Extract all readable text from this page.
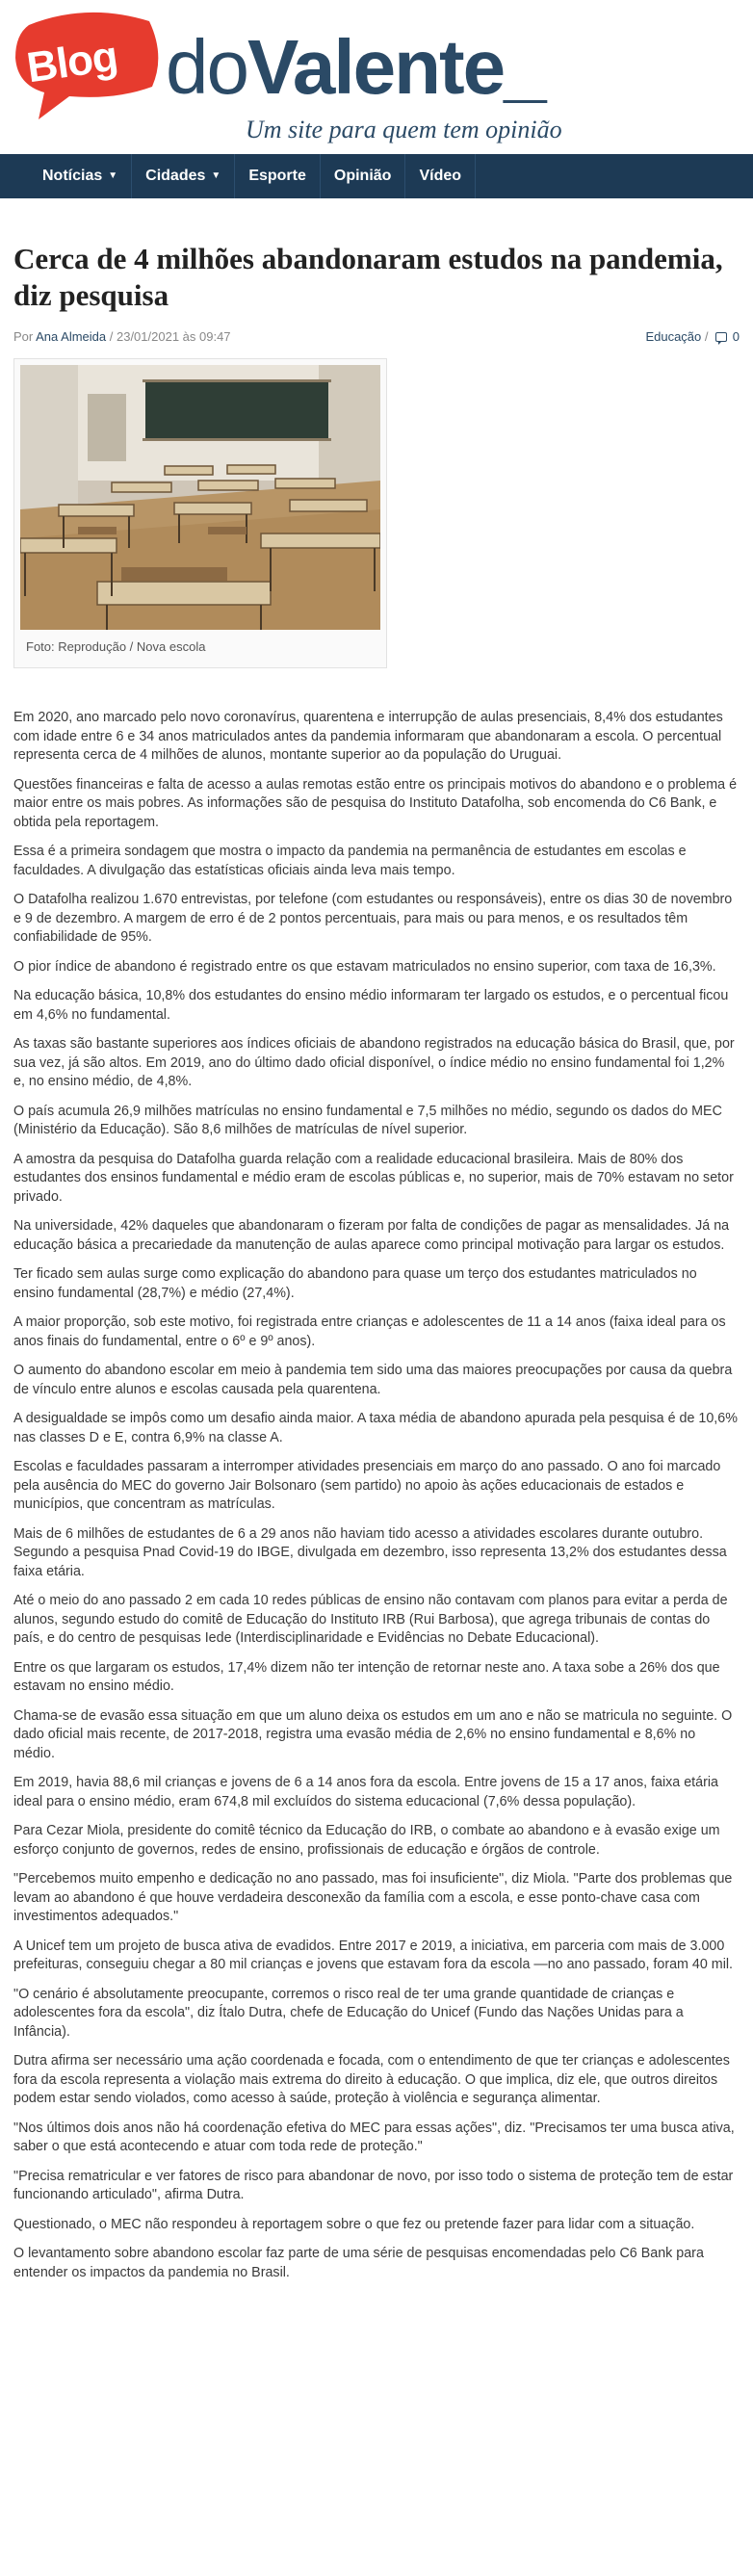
Blog doValente_
Um site para quem tem opinião
Notícias ▼	Cidades ▼	Esporte	Opinião	Vídeo
Cerca de 4 milhões abandonaram estudos na pandemia, diz pesquisa
Por Ana Almeida / 23/01/2021 às 09:47	Educação / 0
Foto: Reprodução / Nova escola

Em 2020, ano marcado pelo novo coronavírus, quarentena e interrupção de aulas presenciais, 8,4% dos estudantes com idade entre 6 e 34 anos matriculados antes da pandemia informaram que abandonaram a escola. O percentual representa cerca de 4 milhões de alunos, montante superior ao da população do Uruguai.

Questões financeiras e falta de acesso a aulas remotas estão entre os principais motivos do abandono e o problema é maior entre os mais pobres. As informações são de pesquisa do Instituto Datafolha, sob encomenda do C6 Bank, e obtida pela reportagem.

Essa é a primeira sondagem que mostra o impacto da pandemia na permanência de estudantes em escolas e faculdades. A divulgação das estatísticas oficiais ainda leva mais tempo.

O Datafolha realizou 1.670 entrevistas, por telefone (com estudantes ou responsáveis), entre os dias 30 de novembro e 9 de dezembro. A margem de erro é de 2 pontos percentuais, para mais ou para menos, e os resultados têm confiabilidade de 95%.

O pior índice de abandono é registrado entre os que estavam matriculados no ensino superior, com taxa de 16,3%.

Na educação básica, 10,8% dos estudantes do ensino médio informaram ter largado os estudos, e o percentual ficou em 4,6% no fundamental.

As taxas são bastante superiores aos índices oficiais de abandono registrados na educação básica do Brasil, que, por sua vez, já são altos. Em 2019, ano do último dado oficial disponível, o índice médio no ensino fundamental foi 1,2% e, no ensino médio, de 4,8%.

O país acumula 26,9 milhões matrículas no ensino fundamental e 7,5 milhões no médio, segundo os dados do MEC (Ministério da Educação). São 8,6 milhões de matrículas de nível superior.

A amostra da pesquisa do Datafolha guarda relação com a realidade educacional brasileira. Mais de 80% dos estudantes dos ensinos fundamental e médio eram de escolas públicas e, no superior, mais de 70% estavam no setor privado.

Na universidade, 42% daqueles que abandonaram o fizeram por falta de condições de pagar as mensalidades. Já na educação básica a precariedade da manutenção de aulas aparece como principal motivação para largar os estudos.

Ter ficado sem aulas surge como explicação do abandono para quase um terço dos estudantes matriculados no ensino fundamental (28,7%) e médio (27,4%).

A maior proporção, sob este motivo, foi registrada entre crianças e adolescentes de 11 a 14 anos (faixa ideal para os anos finais do fundamental, entre o 6º e 9º anos).

O aumento do abandono escolar em meio à pandemia tem sido uma das maiores preocupações por causa da quebra de vínculo entre alunos e escolas causada pela quarentena.

A desigualdade se impôs como um desafio ainda maior. A taxa média de abandono apurada pela pesquisa é de 10,6% nas classes D e E, contra 6,9% na classe A.

Escolas e faculdades passaram a interromper atividades presenciais em março do ano passado. O ano foi marcado pela ausência do MEC do governo Jair Bolsonaro (sem partido) no apoio às ações educacionais de estados e municípios, que concentram as matrículas.

Mais de 6 milhões de estudantes de 6 a 29 anos não haviam tido acesso a atividades escolares durante outubro. Segundo a pesquisa Pnad Covid-19 do IBGE, divulgada em dezembro, isso representa 13,2% dos estudantes dessa faixa etária.

Até o meio do ano passado 2 em cada 10 redes públicas de ensino não contavam com planos para evitar a perda de alunos, segundo estudo do comitê de Educação do Instituto IRB (Rui Barbosa), que agrega tribunais de contas do país, e do centro de pesquisas Iede (Interdisciplinaridade e Evidências no Debate Educacional).

Entre os que largaram os estudos, 17,4% dizem não ter intenção de retornar neste ano. A taxa sobe a 26% dos que estavam no ensino médio.

Chama-se de evasão essa situação em que um aluno deixa os estudos em um ano e não se matricula no seguinte. O dado oficial mais recente, de 2017-2018, registra uma evasão média de 2,6% no ensino fundamental e 8,6% no médio.

Em 2019, havia 88,6 mil crianças e jovens de 6 a 14 anos fora da escola. Entre jovens de 15 a 17 anos, faixa etária ideal para o ensino médio, eram 674,8 mil excluídos do sistema educacional (7,6% dessa população).

Para Cezar Miola, presidente do comitê técnico da Educação do IRB, o combate ao abandono e à evasão exige um esforço conjunto de governos, redes de ensino, profissionais de educação e órgãos de controle.

"Percebemos muito empenho e dedicação no ano passado, mas foi insuficiente", diz Miola. "Parte dos problemas que levam ao abandono é que houve verdadeira desconexão da família com a escola, e esse ponto-chave casa com investimentos adequados."

A Unicef tem um projeto de busca ativa de evadidos. Entre 2017 e 2019, a iniciativa, em parceria com mais de 3.000 prefeituras, conseguiu chegar a 80 mil crianças e jovens que estavam fora da escola —no ano passado, foram 40 mil.

"O cenário é absolutamente preocupante, corremos o risco real de ter uma grande quantidade de crianças e adolescentes fora da escola", diz Ítalo Dutra, chefe de Educação do Unicef (Fundo das Nações Unidas para a Infância).

Dutra afirma ser necessário uma ação coordenada e focada, com o entendimento de que ter crianças e adolescentes fora da escola representa a violação mais extrema do direito à educação. O que implica, diz ele, que outros direitos podem estar sendo violados, como acesso à saúde, proteção à violência e segurança alimentar.

"Nos últimos dois anos não há coordenação efetiva do MEC para essas ações", diz. "Precisamos ter uma busca ativa, saber o que está acontecendo e atuar com toda rede de proteção."

"Precisa rematricular e ver fatores de risco para abandonar de novo, por isso todo o sistema de proteção tem de estar funcionando articulado", afirma Dutra.

Questionado, o MEC não respondeu à reportagem sobre o que fez ou pretende fazer para lidar com a situação.

O levantamento sobre abandono escolar faz parte de uma série de pesquisas encomendadas pelo C6 Bank para entender os impactos da pandemia no Brasil.
